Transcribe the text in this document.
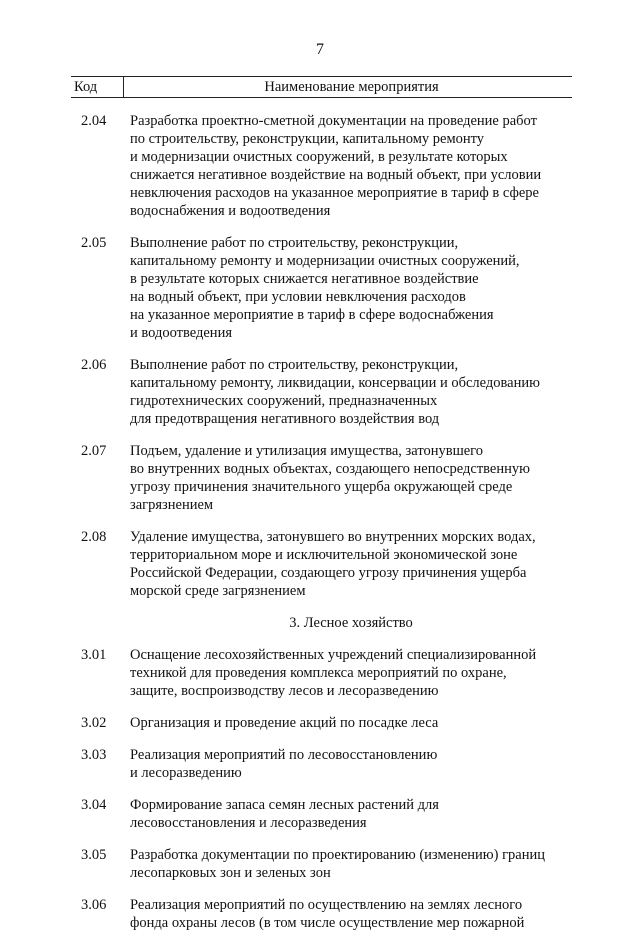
7
Код	Наименование мероприятия
2.04	Разработка проектно-сметной документации на проведение работ
по строительству, реконструкции, капитальному ремонту
и модернизации очистных сооружений, в результате которых
снижается негативное воздействие на водный объект, при условии
невключения расходов на указанное мероприятие в тариф в сфере
водоснабжения и водоотведения
2.05	Выполнение работ по строительству, реконструкции,
капитальному ремонту и модернизации очистных сооружений,
в результате которых снижается негативное воздействие
на водный объект, при условии невключения расходов
на указанное мероприятие в тариф в сфере водоснабжения
и водоотведения
2.06	Выполнение работ по строительству, реконструкции,
капитальному ремонту, ликвидации, консервации и обследованию
гидротехнических сооружений, предназначенных
для предотвращения негативного воздействия вод
2.07	Подъем, удаление и утилизация имущества, затонувшего
во внутренних водных объектах, создающего непосредственную
угрозу причинения значительного ущерба окружающей среде
загрязнением
2.08	Удаление имущества, затонувшего во внутренних морских водах,
территориальном море и исключительной экономической зоне
Российской Федерации, создающего угрозу причинения ущерба
морской среде загрязнением
3. Лесное хозяйство
3.01	Оснащение лесохозяйственных учреждений специализированной
техникой для проведения комплекса мероприятий по охране,
защите, воспроизводству лесов и лесоразведению
3.02	Организация и проведение акций по посадке леса
3.03	Реализация мероприятий по лесовосстановлению
и лесоразведению
3.04	Формирование запаса семян лесных растений для
лесовосстановления и лесоразведения
3.05	Разработка документации по проектированию (изменению) границ
лесопарковых зон и зеленых зон
3.06	Реализация мероприятий по осуществлению на землях лесного
фонда охраны лесов (в том числе осуществление мер пожарной
